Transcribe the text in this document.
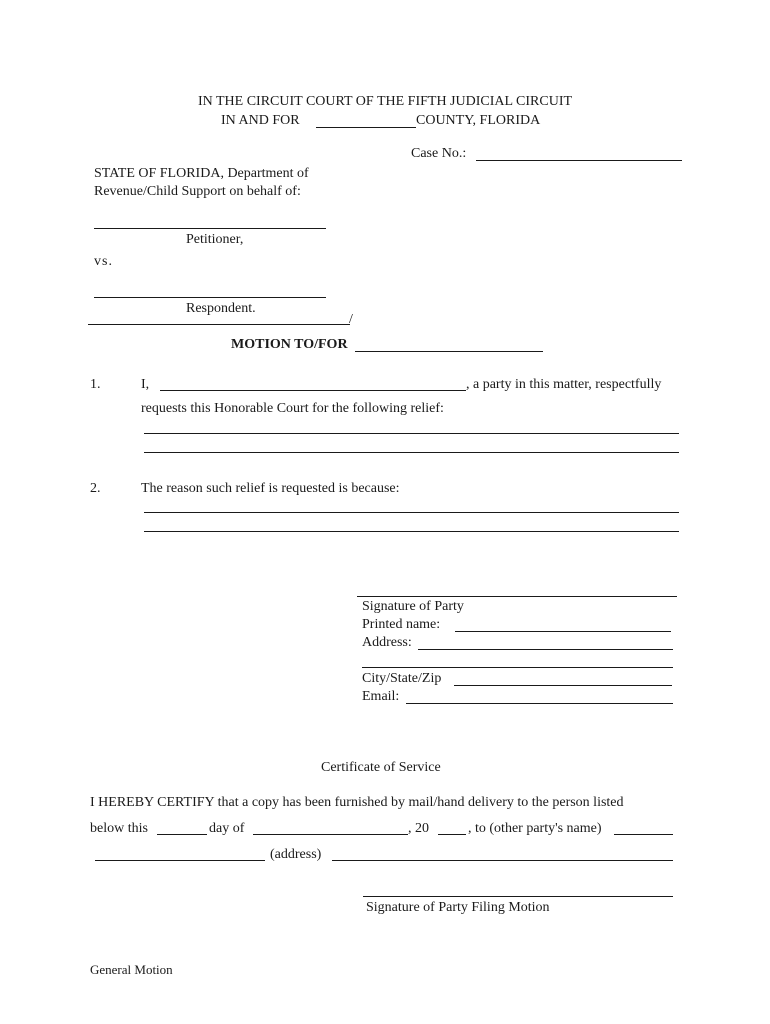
IN THE CIRCUIT COURT OF THE FIFTH JUDICIAL CIRCUIT
IN AND FOR	COUNTY, FLORIDA
Case No.:
STATE OF FLORIDA, Department of
Revenue/Child Support on behalf of:
Petitioner,
vs.
Respondent.
/
MOTION TO/FOR
1.	I,	, a party in this matter, respectfully
requests this Honorable Court for the following relief:
2.	The reason such relief is requested is because:
Signature of Party
Printed name:
Address:
City/State/Zip
Email:
Certificate of Service
I HEREBY CERTIFY that a copy has been furnished by mail/hand delivery to the person listed
below this	day of	, 20	, to (other party's name)
(address)
Signature of Party Filing Motion
General Motion
